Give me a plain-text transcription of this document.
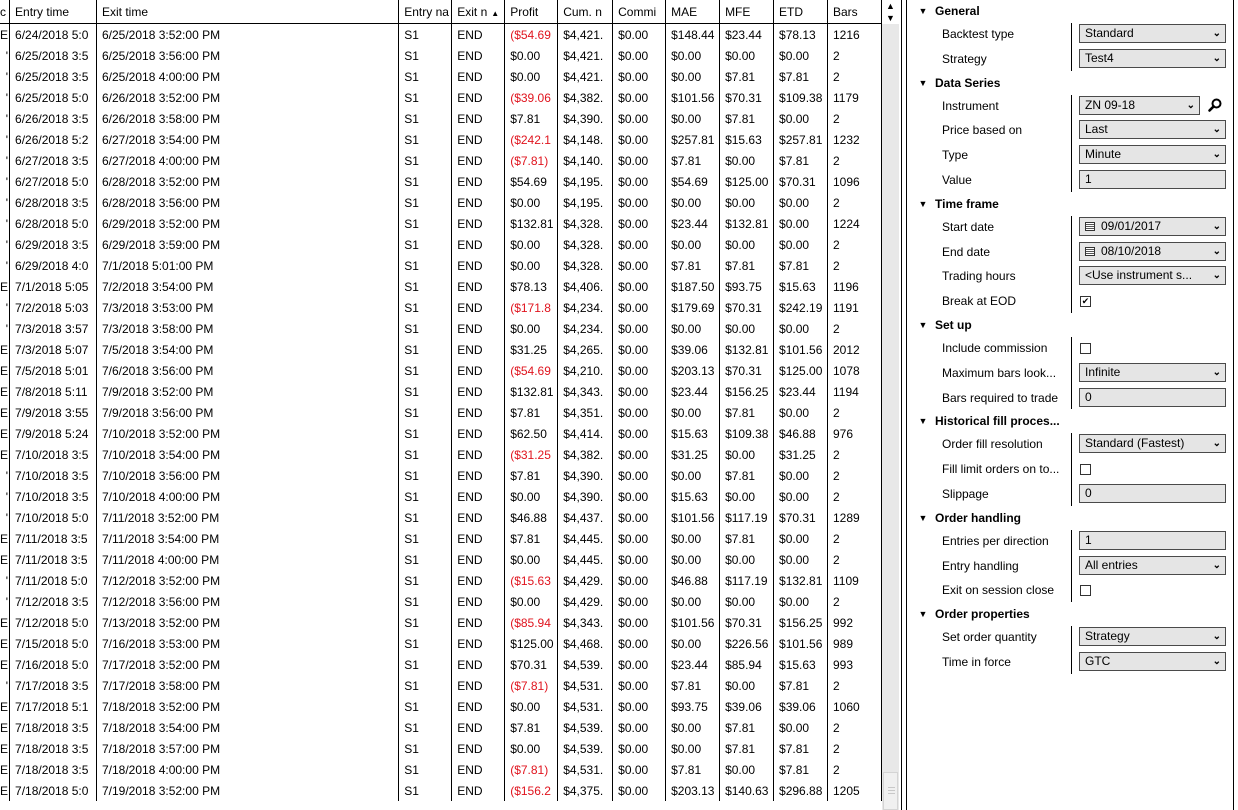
c	Entry time	Exit time	Entry na	Exit n ▲	Profit	Cum. n	Commi	MAE	MFE	ETD	Bars
E	6/24/2018 5:0	6/25/2018 3:52:00 PM	S1	END	($54.69	$4,421.	$0.00	$148.44	$23.44	$78.13	1216
'	6/25/2018 3:5	6/25/2018 3:56:00 PM	S1	END	$0.00	$4,421.	$0.00	$0.00	$0.00	$0.00	2
'	6/25/2018 3:5	6/25/2018 4:00:00 PM	S1	END	$0.00	$4,421.	$0.00	$0.00	$7.81	$7.81	2
'	6/25/2018 5:0	6/26/2018 3:52:00 PM	S1	END	($39.06	$4,382.	$0.00	$101.56	$70.31	$109.38	1179
'	6/26/2018 3:5	6/26/2018 3:58:00 PM	S1	END	$7.81	$4,390.	$0.00	$0.00	$7.81	$0.00	2
'	6/26/2018 5:2	6/27/2018 3:54:00 PM	S1	END	($242.1	$4,148.	$0.00	$257.81	$15.63	$257.81	1232
'	6/27/2018 3:5	6/27/2018 4:00:00 PM	S1	END	($7.81)	$4,140.	$0.00	$7.81	$0.00	$7.81	2
'	6/27/2018 5:0	6/28/2018 3:52:00 PM	S1	END	$54.69	$4,195.	$0.00	$54.69	$125.00	$70.31	1096
'	6/28/2018 3:5	6/28/2018 3:56:00 PM	S1	END	$0.00	$4,195.	$0.00	$0.00	$0.00	$0.00	2
'	6/28/2018 5:0	6/29/2018 3:52:00 PM	S1	END	$132.81	$4,328.	$0.00	$23.44	$132.81	$0.00	1224
'	6/29/2018 3:5	6/29/2018 3:59:00 PM	S1	END	$0.00	$4,328.	$0.00	$0.00	$0.00	$0.00	2
'	6/29/2018 4:0	7/1/2018 5:01:00 PM	S1	END	$0.00	$4,328.	$0.00	$7.81	$7.81	$7.81	2
E	7/1/2018 5:05	7/2/2018 3:54:00 PM	S1	END	$78.13	$4,406.	$0.00	$187.50	$93.75	$15.63	1196
'	7/2/2018 5:03	7/3/2018 3:53:00 PM	S1	END	($171.8	$4,234.	$0.00	$179.69	$70.31	$242.19	1191
'	7/3/2018 3:57	7/3/2018 3:58:00 PM	S1	END	$0.00	$4,234.	$0.00	$0.00	$0.00	$0.00	2
E	7/3/2018 5:07	7/5/2018 3:54:00 PM	S1	END	$31.25	$4,265.	$0.00	$39.06	$132.81	$101.56	2012
E	7/5/2018 5:01	7/6/2018 3:56:00 PM	S1	END	($54.69	$4,210.	$0.00	$203.13	$70.31	$125.00	1078
E	7/8/2018 5:11	7/9/2018 3:52:00 PM	S1	END	$132.81	$4,343.	$0.00	$23.44	$156.25	$23.44	1194
E	7/9/2018 3:55	7/9/2018 3:56:00 PM	S1	END	$7.81	$4,351.	$0.00	$0.00	$7.81	$0.00	2
E	7/9/2018 5:24	7/10/2018 3:52:00 PM	S1	END	$62.50	$4,414.	$0.00	$15.63	$109.38	$46.88	976
E	7/10/2018 3:5	7/10/2018 3:54:00 PM	S1	END	($31.25	$4,382.	$0.00	$31.25	$0.00	$31.25	2
'	7/10/2018 3:5	7/10/2018 3:56:00 PM	S1	END	$7.81	$4,390.	$0.00	$0.00	$7.81	$0.00	2
'	7/10/2018 3:5	7/10/2018 4:00:00 PM	S1	END	$0.00	$4,390.	$0.00	$15.63	$0.00	$0.00	2
'	7/10/2018 5:0	7/11/2018 3:52:00 PM	S1	END	$46.88	$4,437.	$0.00	$101.56	$117.19	$70.31	1289
E	7/11/2018 3:5	7/11/2018 3:54:00 PM	S1	END	$7.81	$4,445.	$0.00	$0.00	$7.81	$0.00	2
E	7/11/2018 3:5	7/11/2018 4:00:00 PM	S1	END	$0.00	$4,445.	$0.00	$0.00	$0.00	$0.00	2
'	7/11/2018 5:0	7/12/2018 3:52:00 PM	S1	END	($15.63	$4,429.	$0.00	$46.88	$117.19	$132.81	1109
'	7/12/2018 3:5	7/12/2018 3:56:00 PM	S1	END	$0.00	$4,429.	$0.00	$0.00	$0.00	$0.00	2
E	7/12/2018 5:0	7/13/2018 3:52:00 PM	S1	END	($85.94	$4,343.	$0.00	$101.56	$70.31	$156.25	992
E	7/15/2018 5:0	7/16/2018 3:53:00 PM	S1	END	$125.00	$4,468.	$0.00	$0.00	$226.56	$101.56	989
E	7/16/2018 5:0	7/17/2018 3:52:00 PM	S1	END	$70.31	$4,539.	$0.00	$23.44	$85.94	$15.63	993
'	7/17/2018 3:5	7/17/2018 3:58:00 PM	S1	END	($7.81)	$4,531.	$0.00	$7.81	$0.00	$7.81	2
E	7/17/2018 5:1	7/18/2018 3:52:00 PM	S1	END	$0.00	$4,531.	$0.00	$93.75	$39.06	$39.06	1060
E	7/18/2018 3:5	7/18/2018 3:54:00 PM	S1	END	$7.81	$4,539.	$0.00	$0.00	$7.81	$0.00	2
E	7/18/2018 3:5	7/18/2018 3:57:00 PM	S1	END	$0.00	$4,539.	$0.00	$0.00	$7.81	$7.81	2
E	7/18/2018 3:5	7/18/2018 4:00:00 PM	S1	END	($7.81)	$4,531.	$0.00	$7.81	$0.00	$7.81	2
E	7/18/2018 5:0	7/19/2018 3:52:00 PM	S1	END	($156.2	$4,375.	$0.00	$203.13	$140.63	$296.88	1205
▲
▼
▼ General
Backtest type	Standard	⌄
Strategy	Test4	⌄
▼ Data Series
Instrument	ZN 09-18	⌄
Price based on	Last	⌄
Type	Minute	⌄
Value	1
▼ Time frame
Start date	09/01/2017	⌄
End date	08/10/2018	⌄
Trading hours	<Use instrument s... ⌄
Break at EOD	✔
▼ Set up
Include commission
Maximum bars look...	Infinite	⌄
Bars required to trade	0
▼ Historical fill proces...
Order fill resolution	Standard (Fastest)	⌄
Fill limit orders on to...
Slippage	0
▼ Order handling
Entries per direction	1
Entry handling	All entries	⌄
Exit on session close
▼ Order properties
Set order quantity	Strategy	⌄
Time in force	GTC	⌄
